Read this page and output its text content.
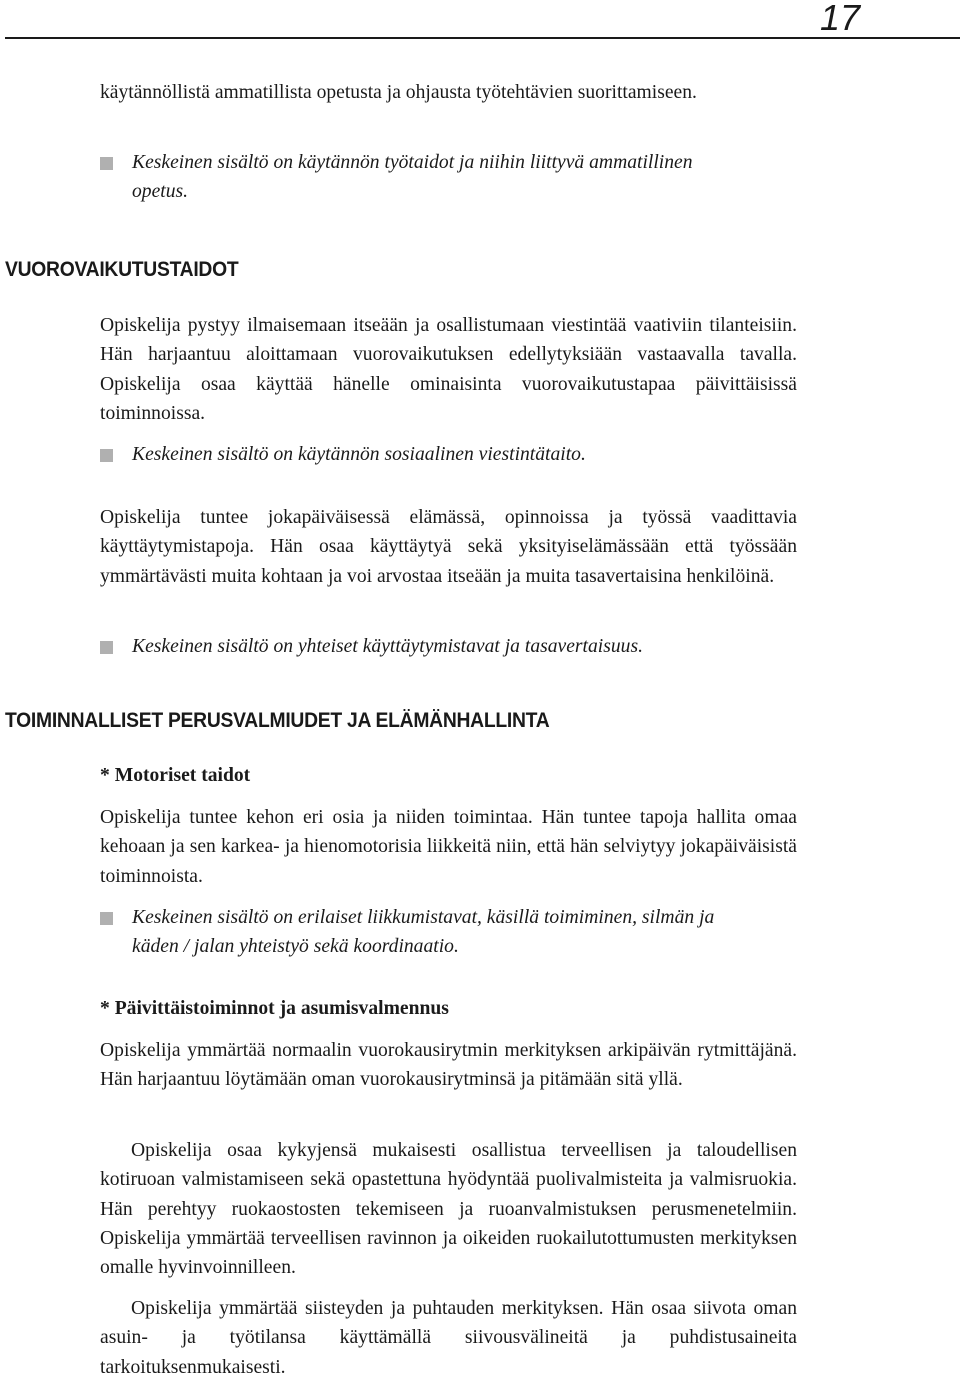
17

käytännöllistä ammatillista opetusta ja ohjausta työtehtävien suorittamiseen.

Keskeinen sisältö on käytännön työtaidot ja niihin liittyvä ammatillinen opetus.
VUOROVAIKUTUSTAIDOT

Opiskelija pystyy ilmaisemaan itseään ja osallistumaan viestintää vaativiin tilanteisiin. Hän harjaantuu aloittamaan vuorovaikutuksen edellytyksiään vastaavalla tavalla. Opiskelija osaa käyttää hänelle ominaisinta vuorovaikutustapaa päivittäisissä toiminnoissa.

Keskeinen sisältö on käytännön sosiaalinen viestintätaito.

Opiskelija tuntee jokapäiväisessä elämässä, opinnoissa ja työssä vaadittavia käyttäytymistapoja. Hän osaa käyttäytyä sekä yksityiselämässään että työssään ymmärtävästi muita kohtaan ja voi arvostaa itseään ja muita tasavertaisina henkilöinä.

Keskeinen sisältö on yhteiset käyttäytymistavat ja tasavertaisuus.
TOIMINNALLISET PERUSVALMIUDET JA ELÄMÄNHALLINTA
* Motoriset taidot

Opiskelija tuntee kehon eri osia ja niiden toimintaa. Hän tuntee tapoja hallita omaa kehoaan ja sen karkea- ja hienomotorisia liikkeitä niin, että hän selviytyy jokapäiväisistä toiminnoista.

Keskeinen sisältö on erilaiset liikkumistavat, käsillä toimiminen, silmän ja käden / jalan yhteistyö sekä koordinaatio.
* Päivittäistoiminnot ja asumisvalmennus

Opiskelija ymmärtää normaalin vuorokausirytmin merkityksen arkipäivän rytmittäjänä. Hän harjaantuu löytämään oman vuorokausirytminsä ja pitämään sitä yllä.

Opiskelija osaa kykyjensä mukaisesti osallistua terveellisen ja taloudellisen kotiruoan valmistamiseen sekä opastettuna hyödyntää puolivalmisteita ja valmisruokia. Hän perehtyy ruokaostosten tekemiseen ja ruoanvalmistuksen perusmenetelmiin. Opiskelija ymmärtää terveellisen ravinnon ja oikeiden ruokailutottumusten merkityksen omalle hyvinvoinnilleen.

Opiskelija ymmärtää siisteyden ja puhtauden merkityksen. Hän osaa siivota oman asuin- ja työtilansa käyttämällä siivousvälineitä ja puhdistusaineita tarkoituksenmukaisesti.
